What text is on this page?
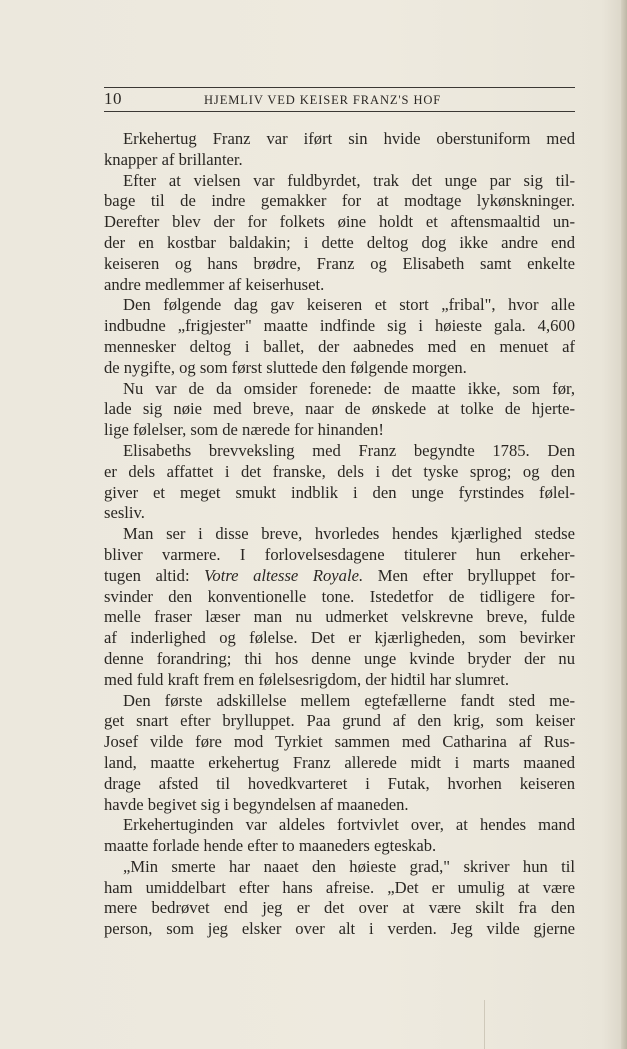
10	HJEMLIV VED KEISER FRANZ'S HOF
Erkehertug Franz var iført sin hvide oberstuniform med
knapper af brillanter.
Efter at vielsen var fuldbyrdet, trak det unge par sig til-
bage til de indre gemakker for at modtage lykønskninger.
Derefter blev der for folkets øine holdt et aftensmaaltid un-
der en kostbar baldakin; i dette deltog dog ikke andre end
keiseren og hans brødre, Franz og Elisabeth samt enkelte
andre medlemmer af keiserhuset.
Den følgende dag gav keiseren et stort „fribal", hvor alle
indbudne „frigjester" maatte indfinde sig i høieste gala. 4,600
mennesker deltog i ballet, der aabnedes med en menuet af
de nygifte, og som først sluttede den følgende morgen.
Nu var de da omsider forenede: de maatte ikke, som før,
lade sig nøie med breve, naar de ønskede at tolke de hjerte-
lige følelser, som de nærede for hinanden!
Elisabeths brevveksling med Franz begyndte 1785. Den
er dels affattet i det franske, dels i det tyske sprog; og den
giver et meget smukt indblik i den unge fyrstindes følel-
sesliv.
Man ser i disse breve, hvorledes hendes kjærlighed stedse
bliver varmere. I forlovelsesdagene titulerer hun erkeher-
tugen altid: Votre altesse Royale. Men efter brylluppet for-
svinder den konventionelle tone. Istedetfor de tidligere for-
melle fraser læser man nu udmerket velskrevne breve, fulde
af inderlighed og følelse. Det er kjærligheden, som bevirker
denne forandring; thi hos denne unge kvinde bryder der nu
med fuld kraft frem en følelsesrigdom, der hidtil har slumret.
Den første adskillelse mellem egtefællerne fandt sted me-
get snart efter brylluppet. Paa grund af den krig, som keiser
Josef vilde føre mod Tyrkiet sammen med Catharina af Rus-
land, maatte erkehertug Franz allerede midt i marts maaned
drage afsted til hovedkvarteret i Futak, hvorhen keiseren
havde begivet sig i begyndelsen af maaneden.
Erkehertuginden var aldeles fortvivlet over, at hendes mand
maatte forlade hende efter to maaneders egteskab.
„Min smerte har naaet den høieste grad," skriver hun til
ham umiddelbart efter hans afreise. „Det er umulig at være
mere bedrøvet end jeg er det over at være skilt fra den
person, som jeg elsker over alt i verden. Jeg vilde gjerne
